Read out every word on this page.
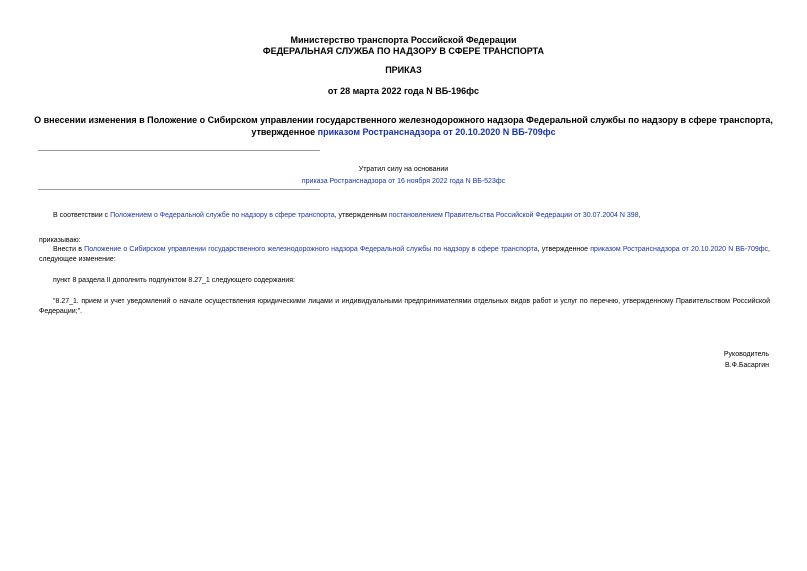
Министерство транспорта Российской Федерации
ФЕДЕРАЛЬНАЯ СЛУЖБА ПО НАДЗОРУ В СФЕРЕ ТРАНСПОРТА
ПРИКАЗ
от 28 марта 2022 года N ВБ-196фс
О внесении изменения в Положение о Сибирском управлении государственного железнодорожного надзора Федеральной службы по надзору в сфере транспорта, утвержденное приказом Ространснадзора от 20.10.2020 N ВБ-709фс
Утратил силу на основании
приказа Ространснадзора от 16 ноября 2022 года N ВБ-523фс
В соответствии с Положением о Федеральной службе по надзору в сфере транспорта, утвержденным постановлением Правительства Российской Федерации от 30.07.2004 N 398,
приказываю:
Внести в Положение о Сибирском управлении государственного железнодорожного надзора Федеральной службы по надзору в сфере транспорта, утвержденное приказом Ространснадзора от 20.10.2020 N ВБ-709фс, следующее изменение:
пункт 8 раздела II дополнить подпунктом 8.27_1 следующего содержания:
"8.27_1. прием и учет уведомлений о начале осуществления юридическими лицами и индивидуальными предпринимателями отдельных видов работ и услуг по перечню, утвержденному Правительством Российской Федерации;".
Руководитель
В.Ф.Басаргин
